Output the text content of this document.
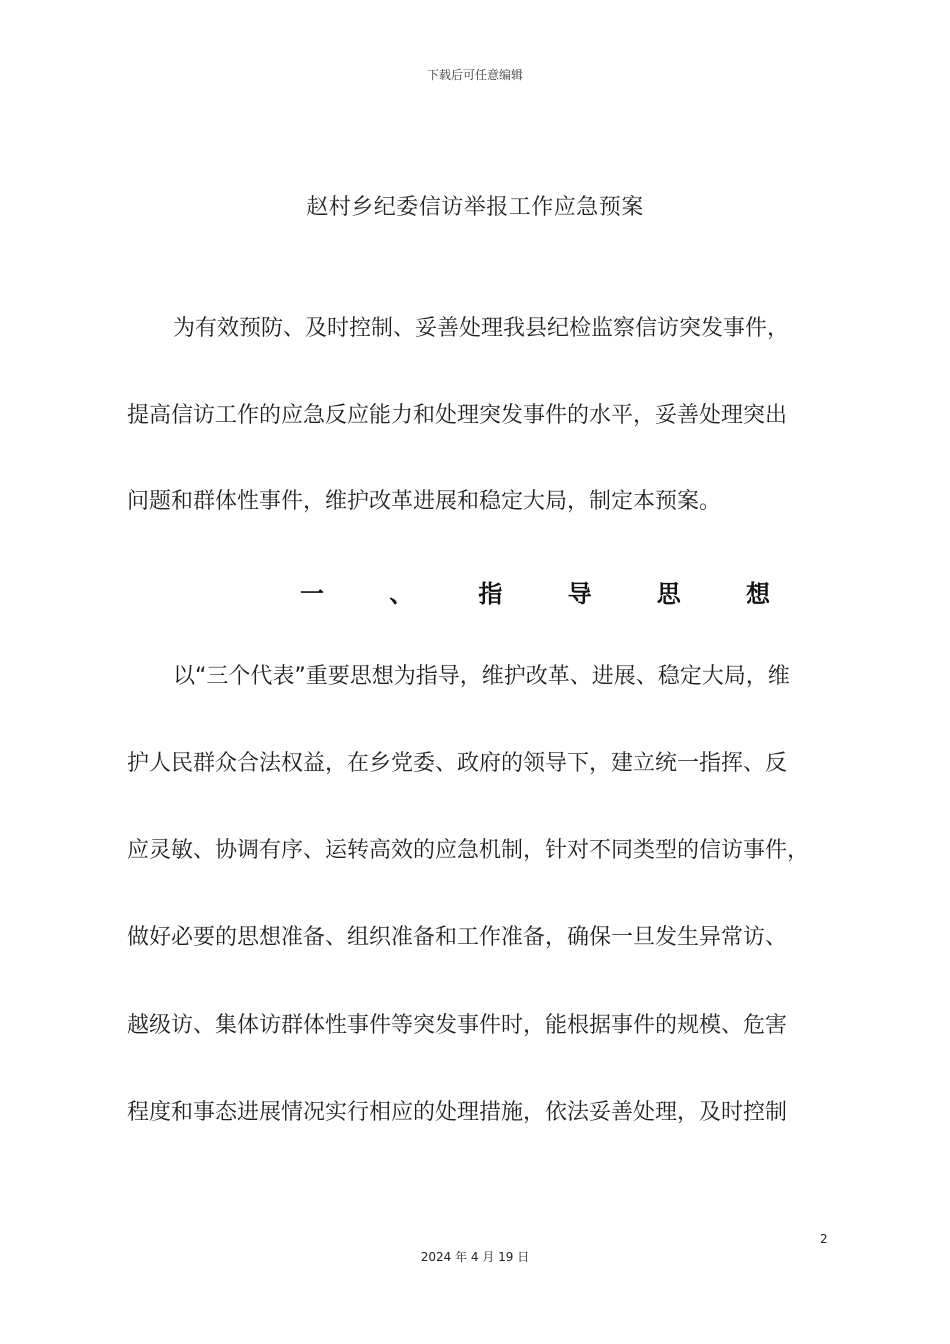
下载后可任意编辑
赵村乡纪委信访举报工作应急预案
为有效预防、及时控制、妥善处理我县纪检监察信访突发事件，
提高信访工作的应急反应能力和处理突发事件的水平，妥善处理突出
问题和群体性事件，维护改革进展和稳定大局，制定本预案。
一	、	指	导	思	想
以“三个代表”重要思想为指导，维护改革、进展、稳定大局，维
护人民群众合法权益，在乡党委、政府的领导下，建立统一指挥、反
应灵敏、协调有序、运转高效的应急机制，针对不同类型的信访事件，
做好必要的思想准备、组织准备和工作准备，确保一旦发生异常访、
越级访、集体访群体性事件等突发事件时，能根据事件的规模、危害
程度和事态进展情况实行相应的处理措施，依法妥善处理，及时控制
2
2024 年 4 月 19 日
